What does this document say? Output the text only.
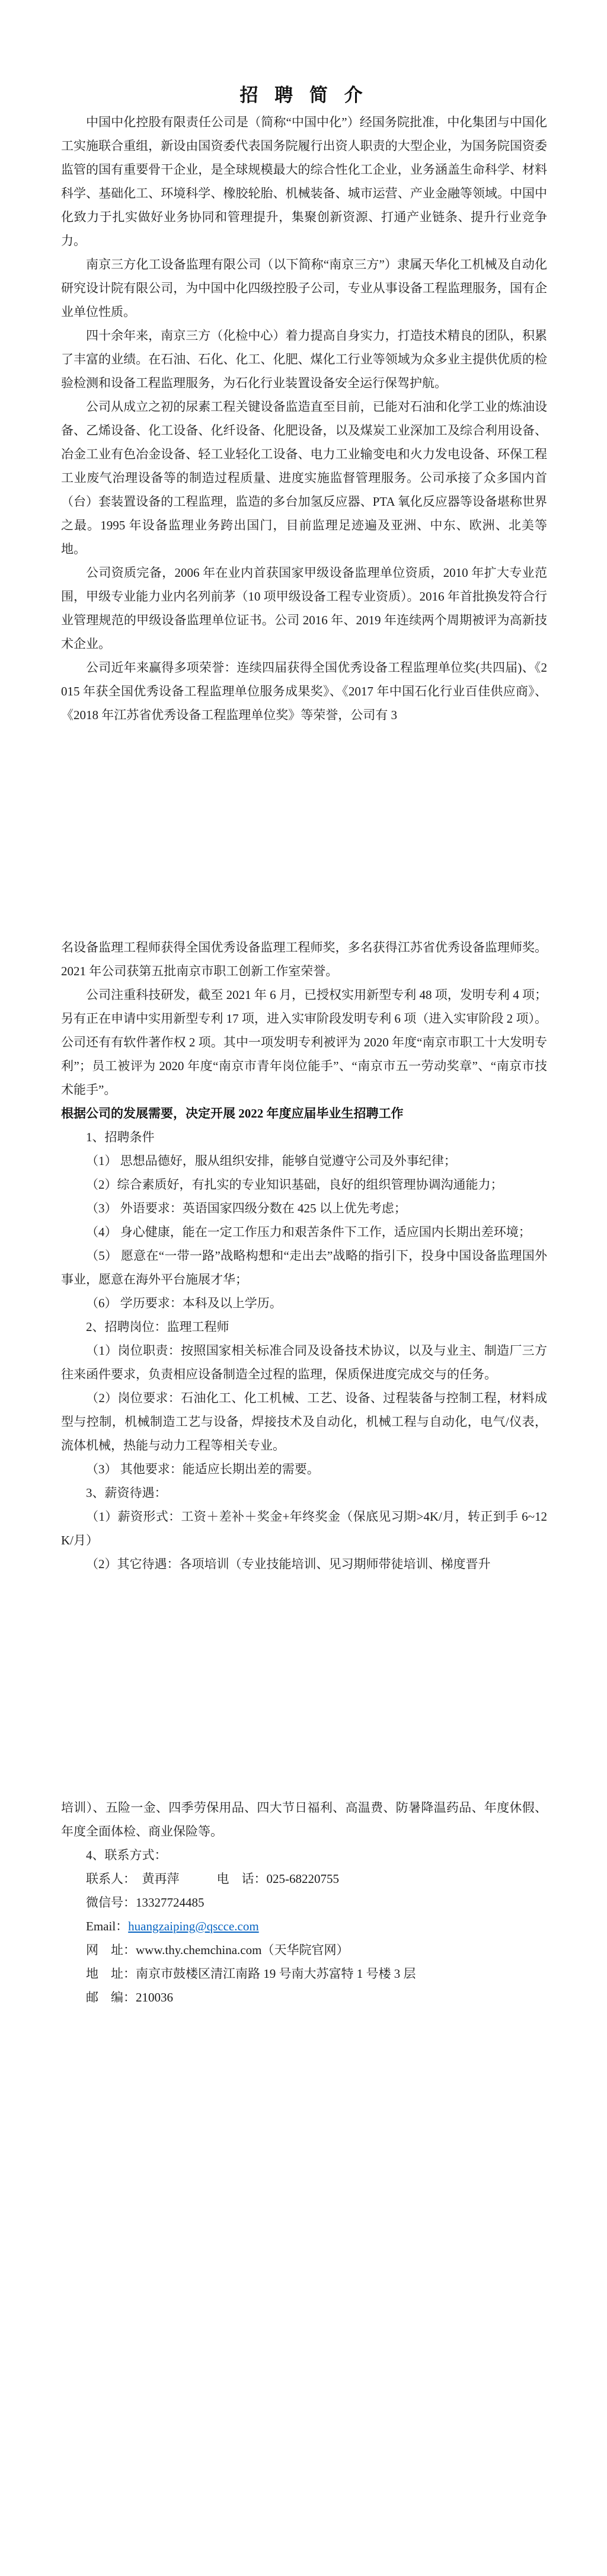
招 聘 简 介

中国中化控股有限责任公司是（简称“中国中化”）经国务院批准，中化集团与中国化工实施联合重组，新设由国资委代表国务院履行出资人职责的大型企业，为国务院国资委监管的国有重要骨干企业，是全球规模最大的综合性化工企业，业务涵盖生命科学、材料科学、基础化工、环境科学、橡胶轮胎、机械装备、城市运营、产业金融等领域。中国中化致力于扎实做好业务协同和管理提升，集聚创新资源、打通产业链条、提升行业竞争力。

南京三方化工设备监理有限公司（以下简称“南京三方”）隶属天华化工机械及自动化研究设计院有限公司，为中国中化四级控股子公司，专业从事设备工程监理服务，国有企业单位性质。

四十余年来，南京三方（化检中心）着力提高自身实力，打造技术精良的团队，积累了丰富的业绩。在石油、石化、化工、化肥、煤化工行业等领域为众多业主提供优质的检验检测和设备工程监理服务，为石化行业装置设备安全运行保驾护航。

公司从成立之初的尿素工程关键设备监造直至目前，已能对石油和化学工业的炼油设备、乙烯设备、化工设备、化纤设备、化肥设备，以及煤炭工业深加工及综合利用设备、冶金工业有色冶金设备、轻工业轻化工设备、电力工业输变电和火力发电设备、环保工程工业废气治理设备等的制造过程质量、进度实施监督管理服务。公司承接了众多国内首（台）套装置设备的工程监理，监造的多台加氢反应器、PTA 氧化反应器等设备堪称世界之最。1995 年设备监理业务跨出国门，目前监理足迹遍及亚洲、中东、欧洲、北美等地。

公司资质完备，2006 年在业内首获国家甲级设备监理单位资质，2010 年扩大专业范围，甲级专业能力业内名列前茅（10 项甲级设备工程专业资质）。2016 年首批换发符合行业管理规范的甲级设备监理单位证书。公司 2016 年、2019 年连续两个周期被评为高新技术企业。

公司近年来赢得多项荣誉：连续四届获得全国优秀设备工程监理单位奖(共四届)、《2015 年获全国优秀设备工程监理单位服务成果奖》、《2017 年中国石化行业百佳供应商》、《2018 年江苏省优秀设备工程监理单位奖》等荣誉，公司有 3

名设备监理工程师获得全国优秀设备监理工程师奖，多名获得江苏省优秀设备监理师奖。2021 年公司获第五批南京市职工创新工作室荣誉。

公司注重科技研发，截至 2021 年 6 月，已授权实用新型专利 48 项，发明专利 4 项；另有正在申请中实用新型专利 17 项，进入实审阶段发明专利 6 项（进入实审阶段 2 项）。公司还有有软件著作权 2 项。其中一项发明专利被评为 2020 年度“南京市职工十大发明专利”；员工被评为 2020 年度“南京市青年岗位能手”、“南京市五一劳动奖章”、“南京市技术能手”。

根据公司的发展需要，决定开展 2022 年度应届毕业生招聘工作

1、招聘条件

（1） 思想品德好，服从组织安排，能够自觉遵守公司及外事纪律；

（2）综合素质好，有扎实的专业知识基础，良好的组织管理协调沟通能力；

（3） 外语要求：英语国家四级分数在 425 以上优先考虑；

（4） 身心健康，能在一定工作压力和艰苦条件下工作，适应国内长期出差环境；

（5） 愿意在“一带一路”战略构想和“走出去”战略的指引下，投身中国设备监理国外事业，愿意在海外平台施展才华；

（6） 学历要求：本科及以上学历。

2、招聘岗位：监理工程师

（1）岗位职责：按照国家相关标准合同及设备技术协议，以及与业主、制造厂三方往来函件要求，负责相应设备制造全过程的监理，保质保进度完成交与的任务。

（2）岗位要求：石油化工、化工机械、工艺、设备、过程装备与控制工程，材料成型与控制，机械制造工艺与设备，焊接技术及自动化，机械工程与自动化，电气/仪表，流体机械，热能与动力工程等相关专业。

（3） 其他要求：能适应长期出差的需要。

3、薪资待遇：

（1）薪资形式：工资＋差补＋奖金+年终奖金（保底见习期>4K/月，转正到手 6~12K/月）

（2）其它待遇：各项培训（专业技能培训、见习期师带徒培训、梯度晋升

培训）、五险一金、四季劳保用品、四大节日福利、高温费、防暑降温药品、年度休假、年度全面体检、商业保险等。

4、联系方式：

联系人：　黄再萍　　　电　话：025-68220755

微信号：13327724485

Email：huangzaiping@qscce.com

网　址：www.thy.chemchina.com（天华院官网）

地　址：南京市鼓楼区清江南路 19 号南大苏富特 1 号楼 3 层

邮　编：210036
